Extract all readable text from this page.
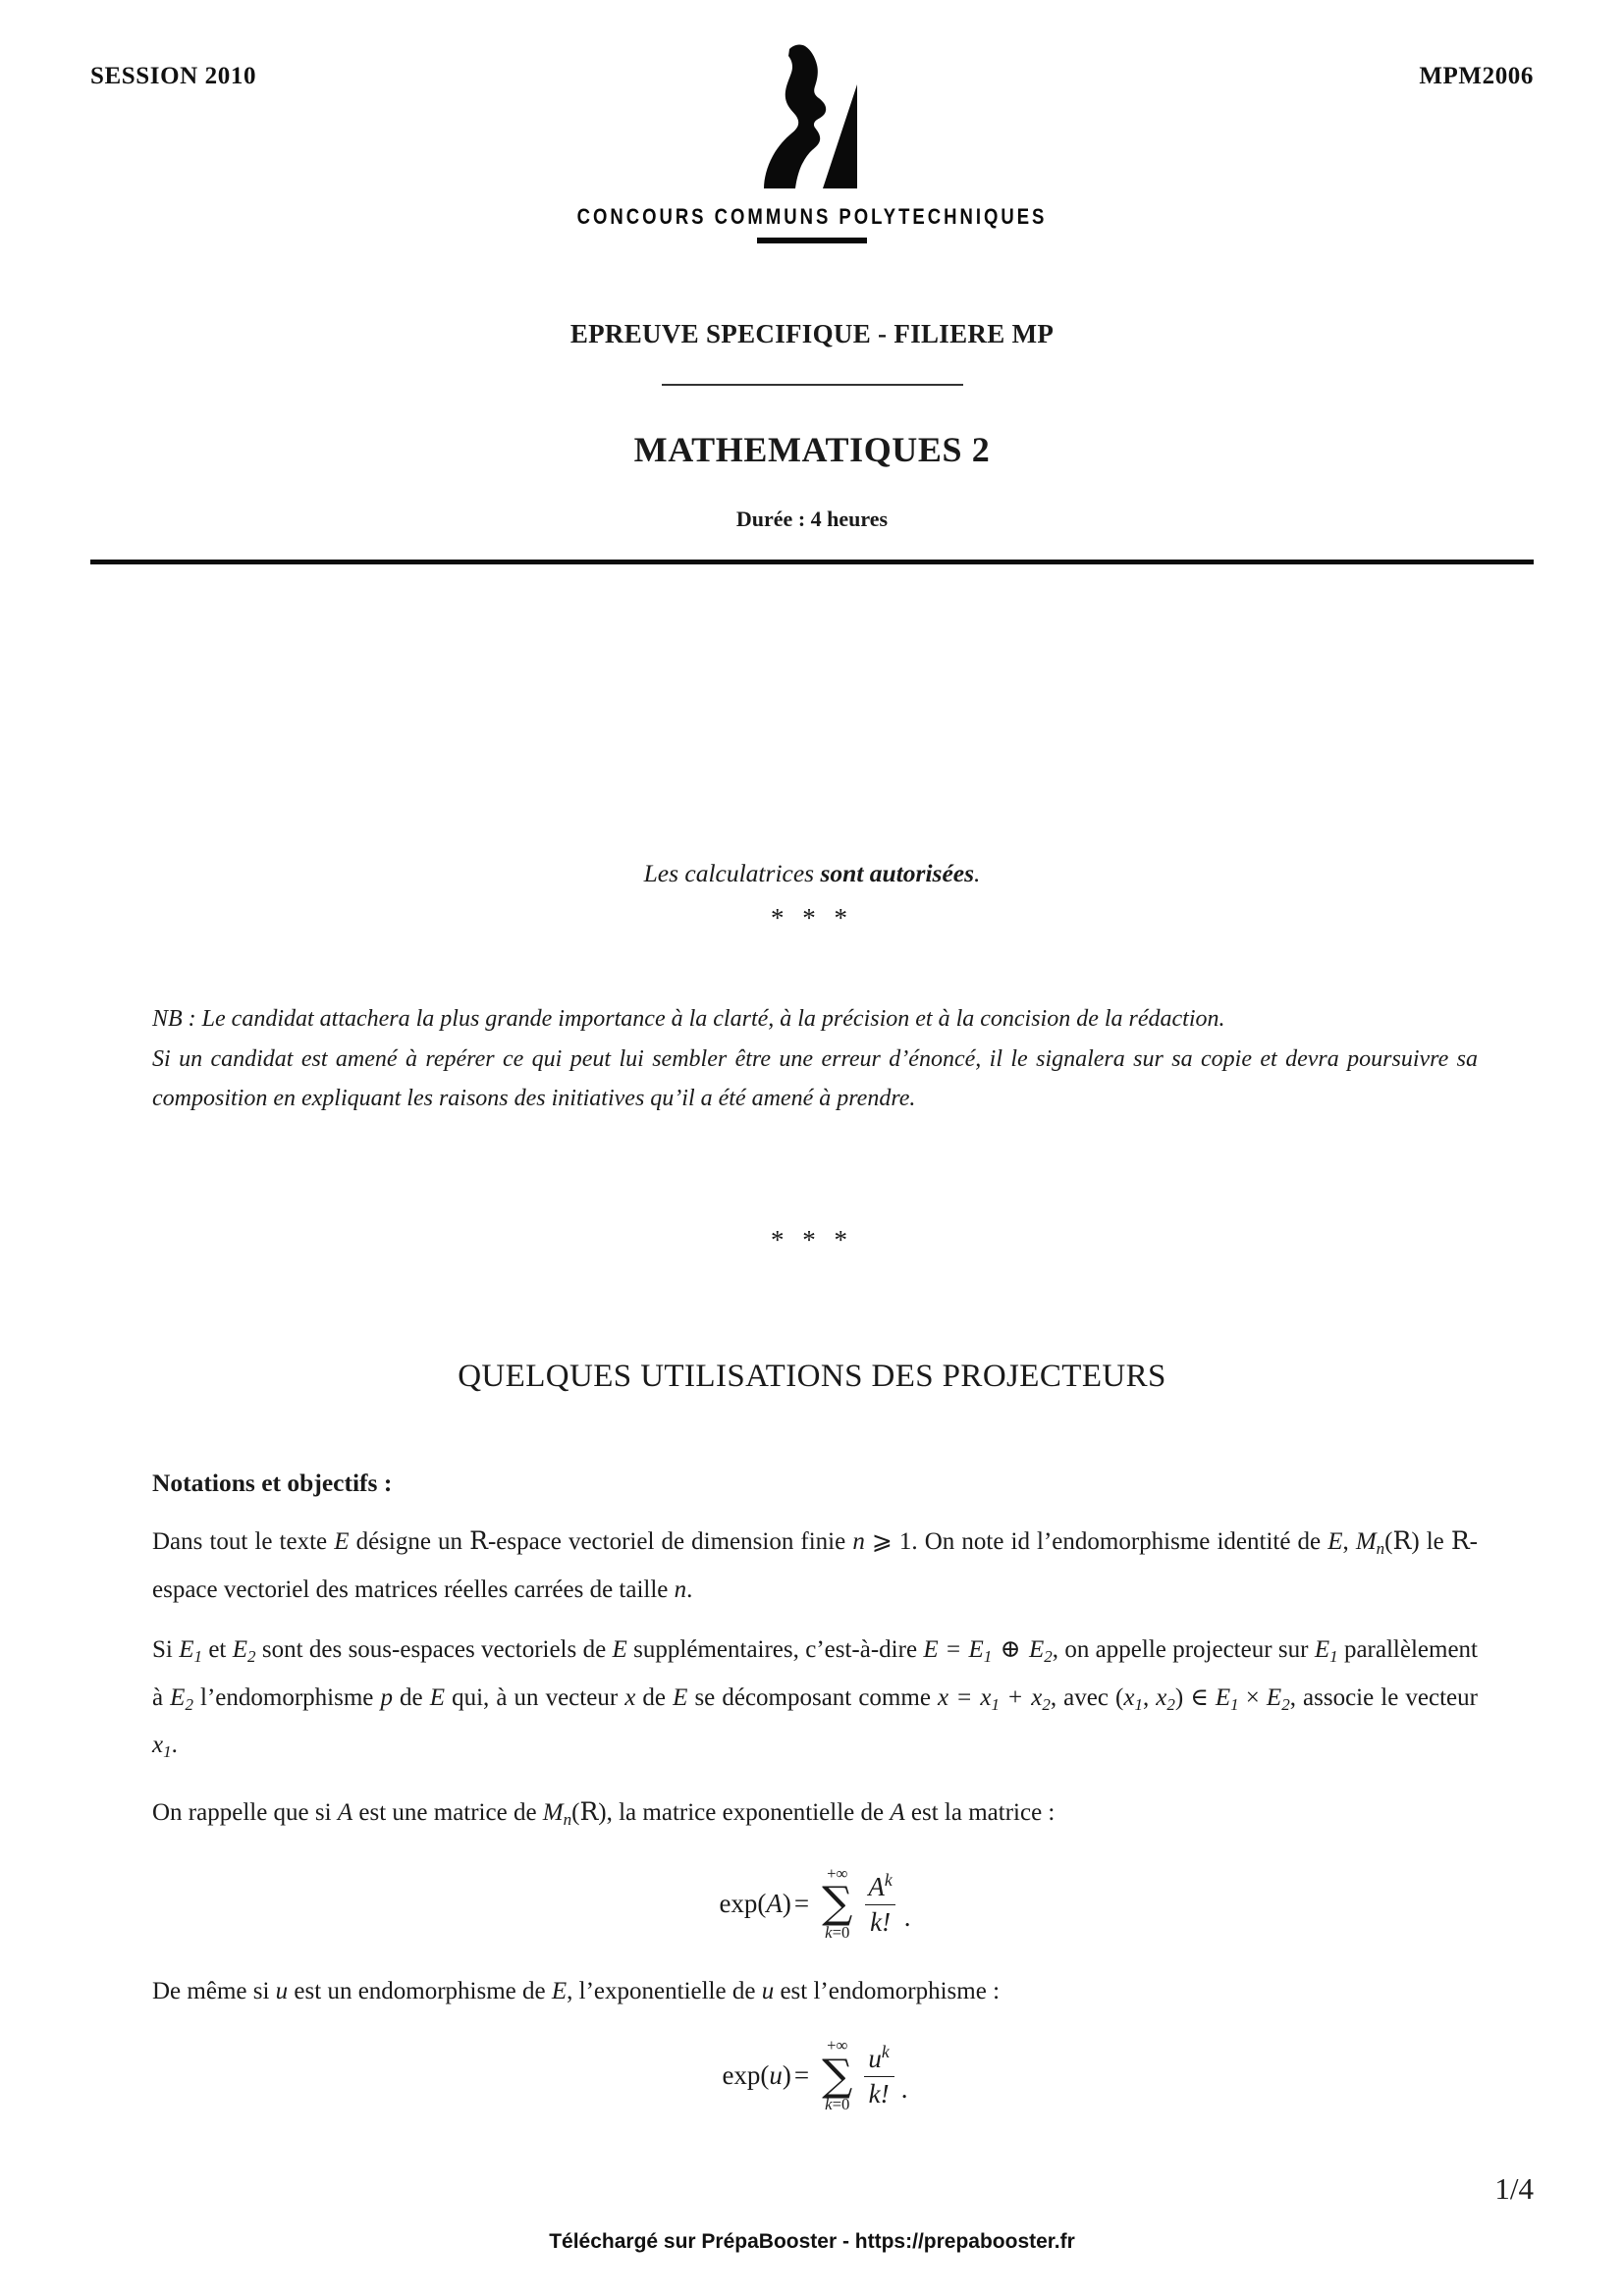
SESSION 2010	MPM2006
CONCOURS COMMUNS POLYTECHNIQUES
EPREUVE SPECIFIQUE - FILIERE MP
MATHEMATIQUES 2
Durée : 4 heures
Les calculatrices sont autorisées.
* * *

NB : Le candidat attachera la plus grande importance à la clarté, à la précision et à la concision de la rédaction.

Si un candidat est amené à repérer ce qui peut lui sembler être une erreur d’énoncé, il le signalera sur sa copie et devra poursuivre sa composition en expliquant les raisons des initiatives qu’il a été amené à prendre.

* * *
QUELQUES UTILISATIONS DES PROJECTEURS

Notations et objectifs :

Dans tout le texte E désigne un R-espace vectoriel de dimension finie n ⩾ 1. On note id l’endomorphisme identité de E, $M_n(R)$ le R-espace vectoriel des matrices réelles carrées de taille n.

Si $E_1$ et $E_2$ sont des sous-espaces vectoriels de E supplémentaires, c’est-à-dire $E = E_1$ ⊕ $E_2$, on appelle projecteur sur $E_1$ parallèlement à $E_2$ l’endomorphisme p de E qui, à un vecteur x de E se décomposant comme $x = x_1 + x_2$, avec ($x_1$, $x_2$) ∈ $E_1 \times E_2$, associe le vecteur $x_1$.

On rappelle que si A est une matrice de $M_n(R)$, la matrice exponentielle de A est la matrice :

exp(A) =
+∞
∑
$k=0 \frac{A^k}{k!}$ .

De même si u est un endomorphisme de E, l’exponentielle de u est l’endomorphisme :

exp(u) =
+∞
∑
$k=0 \frac{u^k}{k!}$ .
1/4
Téléchargé sur PrépaBooster - https://prepabooster.fr
